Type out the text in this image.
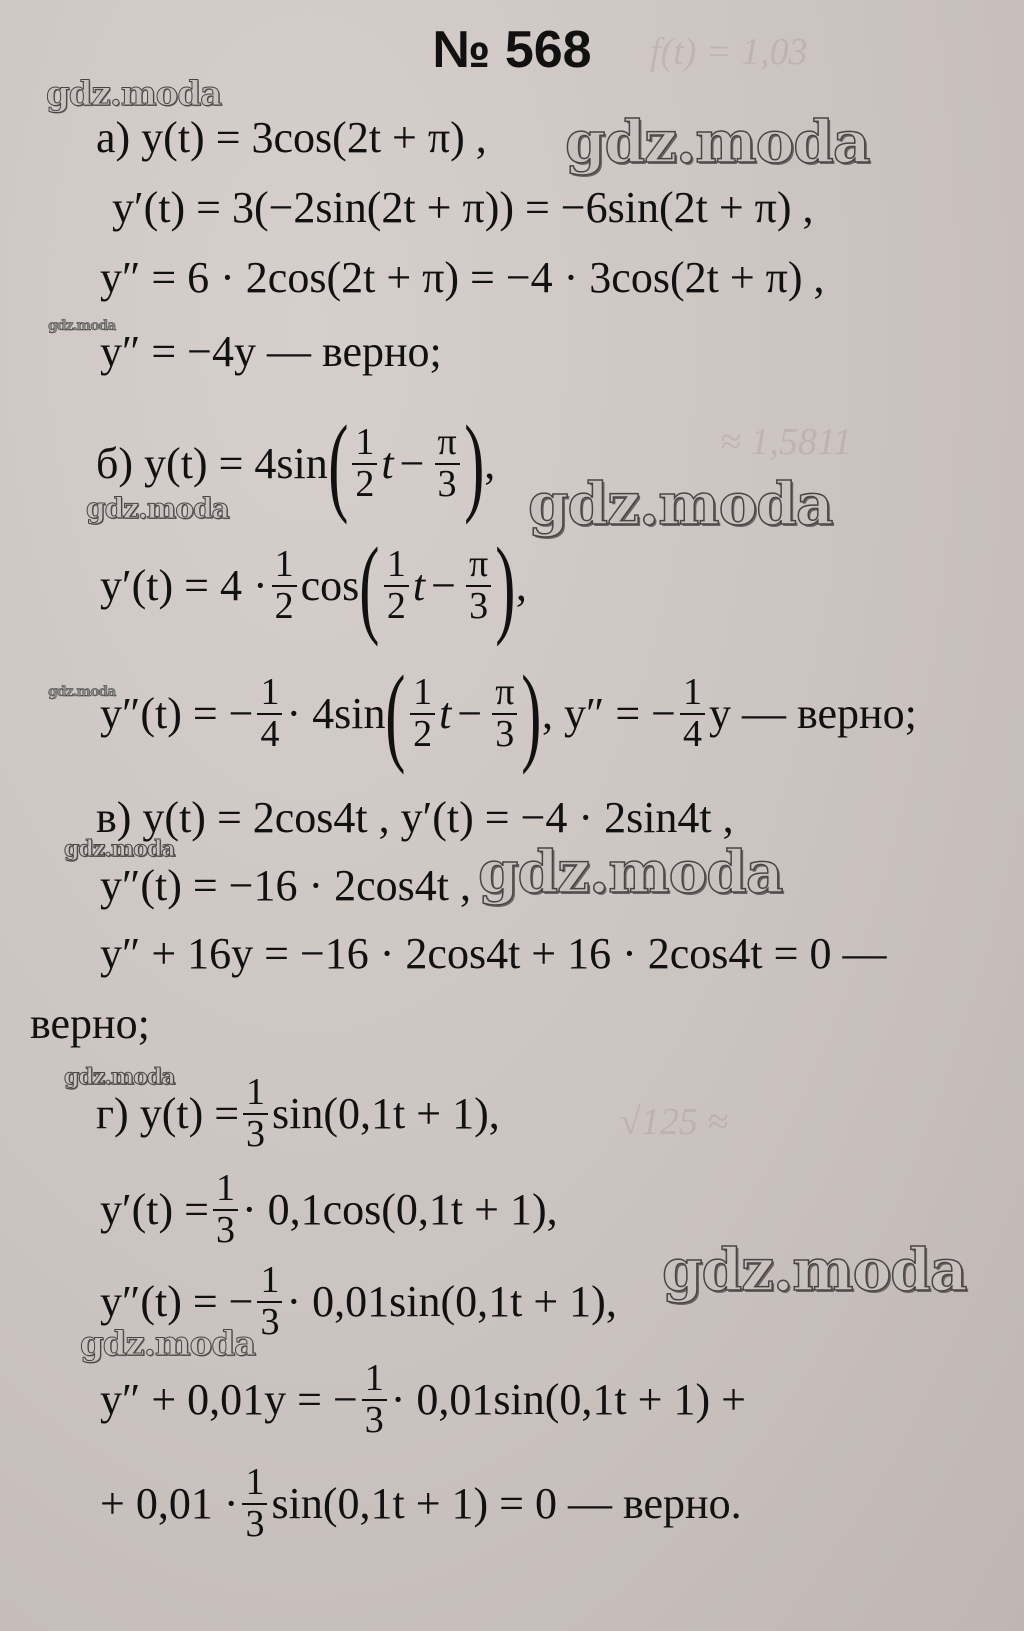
f(t) = 1,03
≈ 1,5811
√125 ≈
№ 568
gdz.moda
gdz.moda
gdz.moda
gdz.moda
gdz.moda
gdz.moda
gdz.moda	gdz.moda
gdz.moda
gdz.moda
gdz.moda
а) y(t) = 3cos(2t + π) ,
y′(t) = 3(−2sin(2t + π)) = −6sin(2t + π) ,
y″ = 6 · 2cos(2t + π) = −4 · 3cos(2t + π) ,
y″ = −4y — верно;
б) y(t) = 4sin ( $\frac{1}{2}$ $t - \frac{\pi}{3}$ ) ,
$y'(t) = 4 \cdot \frac{1}{2}$ cos ( $\frac{1}{2}$ $t - \frac{\pi}{3}$ ) ,
y″(t) = − $\frac{1}{4} \cdot 4\sin$ ( $\frac{1}{2}$ $t - \frac{\pi}{3}$ ) , y″ = − $\frac{1}{4}$ y — верно;
в) y(t) = 2cos4t , y′(t) = −4 · 2sin4t ,
y″(t) = −16 · 2cos4t ,
y″ + 16y = −16 · 2cos4t + 16 · 2cos4t = 0 —
верно;
г) $y(t) = \frac{1}{3} \sin(0,1t + 1)$,
$y'(t) = \frac{1}{3} \cdot 0,1\cos(0,1t + 1)$,
y″(t) = − $\frac{1}{3} \cdot 0,01\sin(0,1t + 1)$,
y″ + 0,01y = − $\frac{1}{3} \cdot 0,01\sin(0,1t + 1)$ +
+ $0,01 \cdot \frac{1}{3} \sin(0,1t + 1) = 0$ — верно.
